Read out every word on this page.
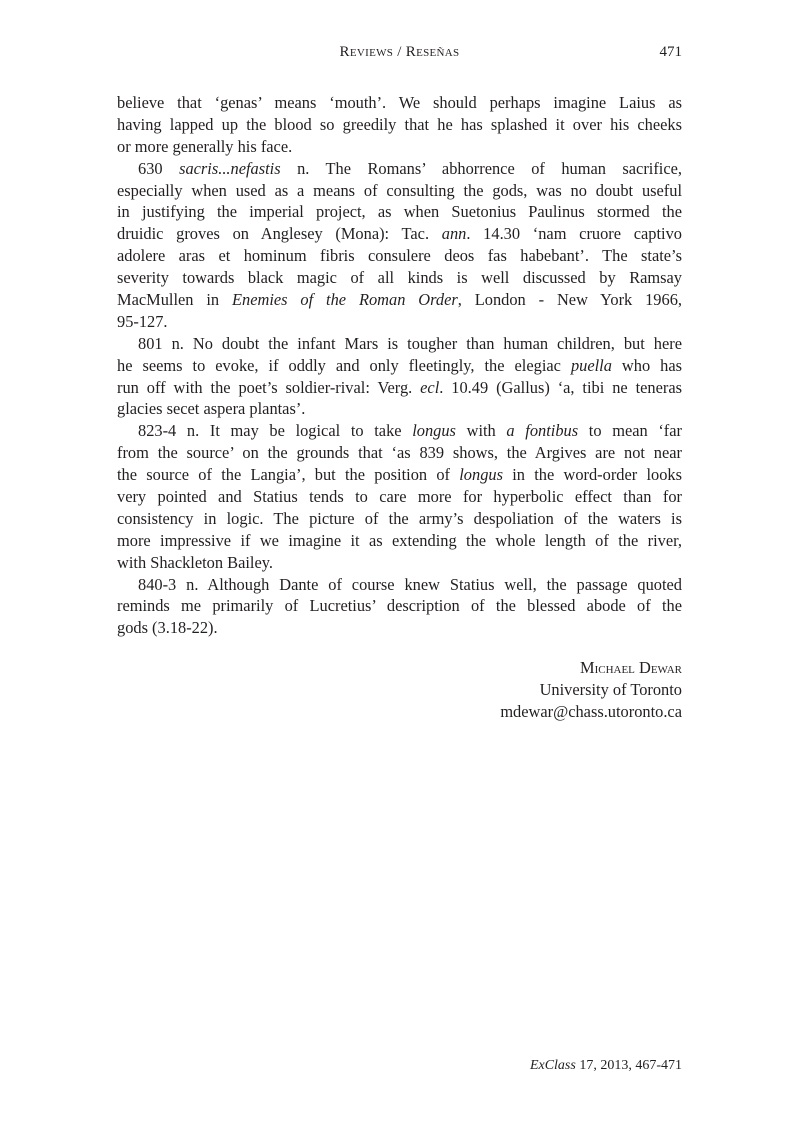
Reviews / Reseñas	471
believe that ‘genas’ means ‘mouth’. We should perhaps imagine Laius as
having lapped up the blood so greedily that he has splashed it over his cheeks
or more generally his face.
630 sacris...nefastis n. The Romans’ abhorrence of human sacrifice,
especially when used as a means of consulting the gods, was no doubt useful
in justifying the imperial project, as when Suetonius Paulinus stormed the
druidic groves on Anglesey (Mona): Tac. ann. 14.30 ‘nam cruore captivo
adolere aras et hominum fibris consulere deos fas habebant’. The state’s
severity towards black magic of all kinds is well discussed by Ramsay
MacMullen in Enemies of the Roman Order, London - New York 1966,
95-127.
801 n. No doubt the infant Mars is tougher than human children, but here
he seems to evoke, if oddly and only fleetingly, the elegiac puella who has
run off with the poet’s soldier-rival: Verg. ecl. 10.49 (Gallus) ‘a, tibi ne teneras
glacies secet aspera plantas’.
823-4 n. It may be logical to take longus with a fontibus to mean ‘far
from the source’ on the grounds that ‘as 839 shows, the Argives are not near
the source of the Langia’, but the position of longus in the word-order looks
very pointed and Statius tends to care more for hyperbolic effect than for
consistency in logic. The picture of the army’s despoliation of the waters is
more impressive if we imagine it as extending the whole length of the river,
with Shackleton Bailey.
840-3 n. Although Dante of course knew Statius well, the passage quoted
reminds me primarily of Lucretius’ description of the blessed abode of the
gods (3.18-22).
Michael Dewar
University of Toronto
mdewar@chass.utoronto.ca
ExClass 17, 2013, 467-471
